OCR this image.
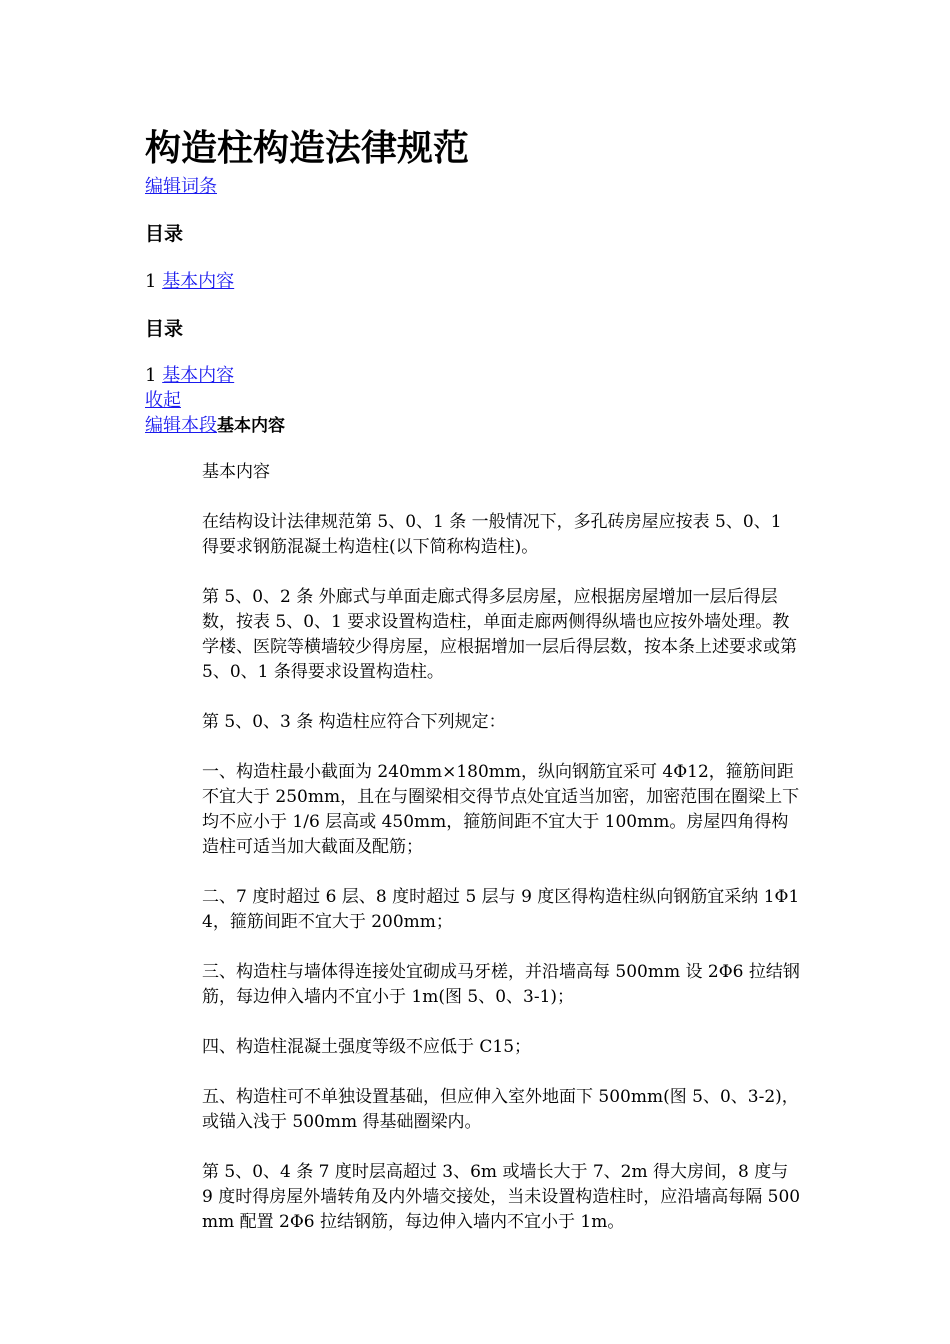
构造柱构造法律规范
编辑词条
目录
1 基本内容
目录
1 基本内容
收起
编辑本段基本内容

基本内容

在结构设计法律规范第 5、0、1 条 一般情况下，多孔砖房屋应按表 5、0、1 得要求钢筋混凝土构造柱(以下简称构造柱)。

第 5、0、2 条 外廊式与单面走廊式得多层房屋，应根据房屋增加一层后得层数，按表 5、0、1 要求设置构造柱，单面走廊两侧得纵墙也应按外墙处理。教学楼、医院等横墙较少得房屋，应根据增加一层后得层数，按本条上述要求或第 5、0、1 条得要求设置构造柱。

第 5、0、3 条 构造柱应符合下列规定：

一、构造柱最小截面为 240mm×180mm，纵向钢筋宜采可 4Φ12，箍筋间距不宜大于 250mm，且在与圈梁相交得节点处宜适当加密，加密范围在圈梁上下均不应小于 1/6 层高或 450mm，箍筋间距不宜大于 100mm。房屋四角得构造柱可适当加大截面及配筋；

二、7 度时超过 6 层、8 度时超过 5 层与 9 度区得构造柱纵向钢筋宜采纳 1Φ14，箍筋间距不宜大于 200mm；

三、构造柱与墙体得连接处宜砌成马牙槎，并沿墙高每 500mm 设 2Φ6 拉结钢筋，每边伸入墙内不宜小于 1m(图 5、0、3-1)；

四、构造柱混凝土强度等级不应低于 C15；

五、构造柱可不单独设置基础，但应伸入室外地面下 500mm(图 5、0、3-2)，或锚入浅于 500mm 得基础圈梁内。

第 5、0、4 条 7 度时层高超过 3、6m 或墙长大于 7、2m 得大房间，8 度与 9 度时得房屋外墙转角及内外墙交接处，当未设置构造柱时，应沿墙高每隔 500mm 配置 2Φ6 拉结钢筋，每边伸入墙内不宜小于 1m。
